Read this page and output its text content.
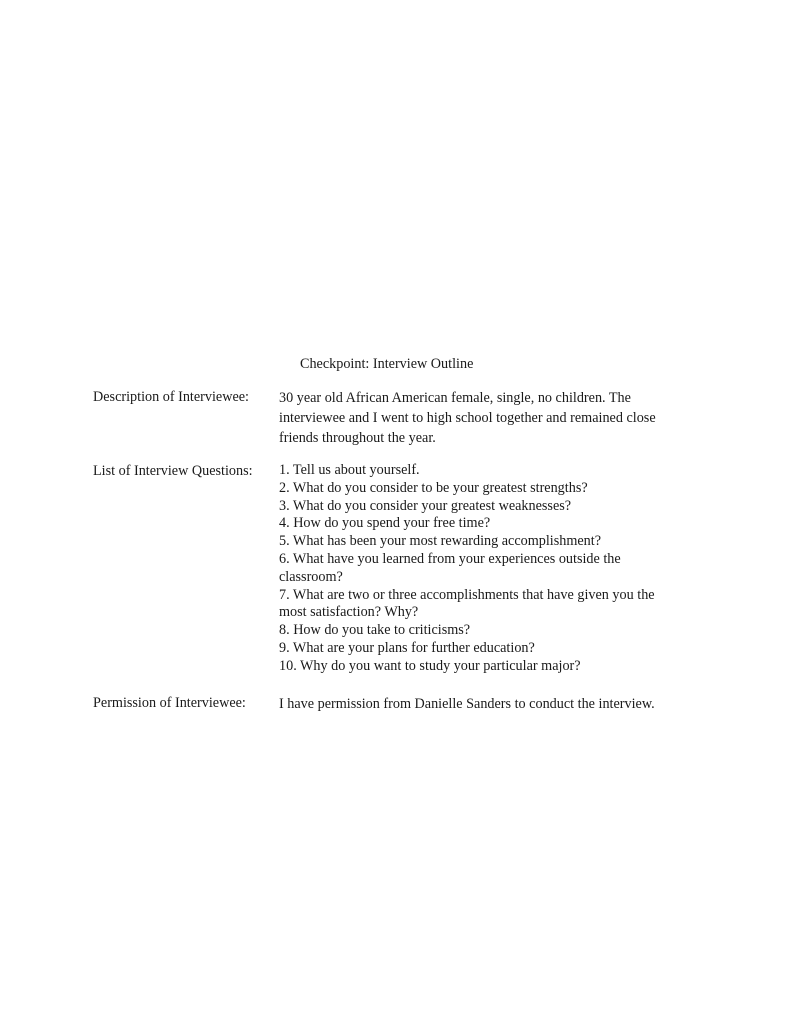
Checkpoint: Interview Outline
Description of Interviewee: 30 year old African American female, single, no children. The
interviewee and I went to high school together and remained close
friends throughout the year.
List of Interview Questions: 1. Tell us about yourself.
2. What do you consider to be your greatest strengths?
3. What do you consider your greatest weaknesses?
4. How do you spend your free time?
5. What has been your most rewarding accomplishment?
6. What have you learned from your experiences outside the
classroom?
7. What are two or three accomplishments that have given you the
most satisfaction? Why?
8. How do you take to criticisms?
9. What are your plans for further education?
10. Why do you want to study your particular major?
Permission of Interviewee: I have permission from Danielle Sanders to conduct the interview.
